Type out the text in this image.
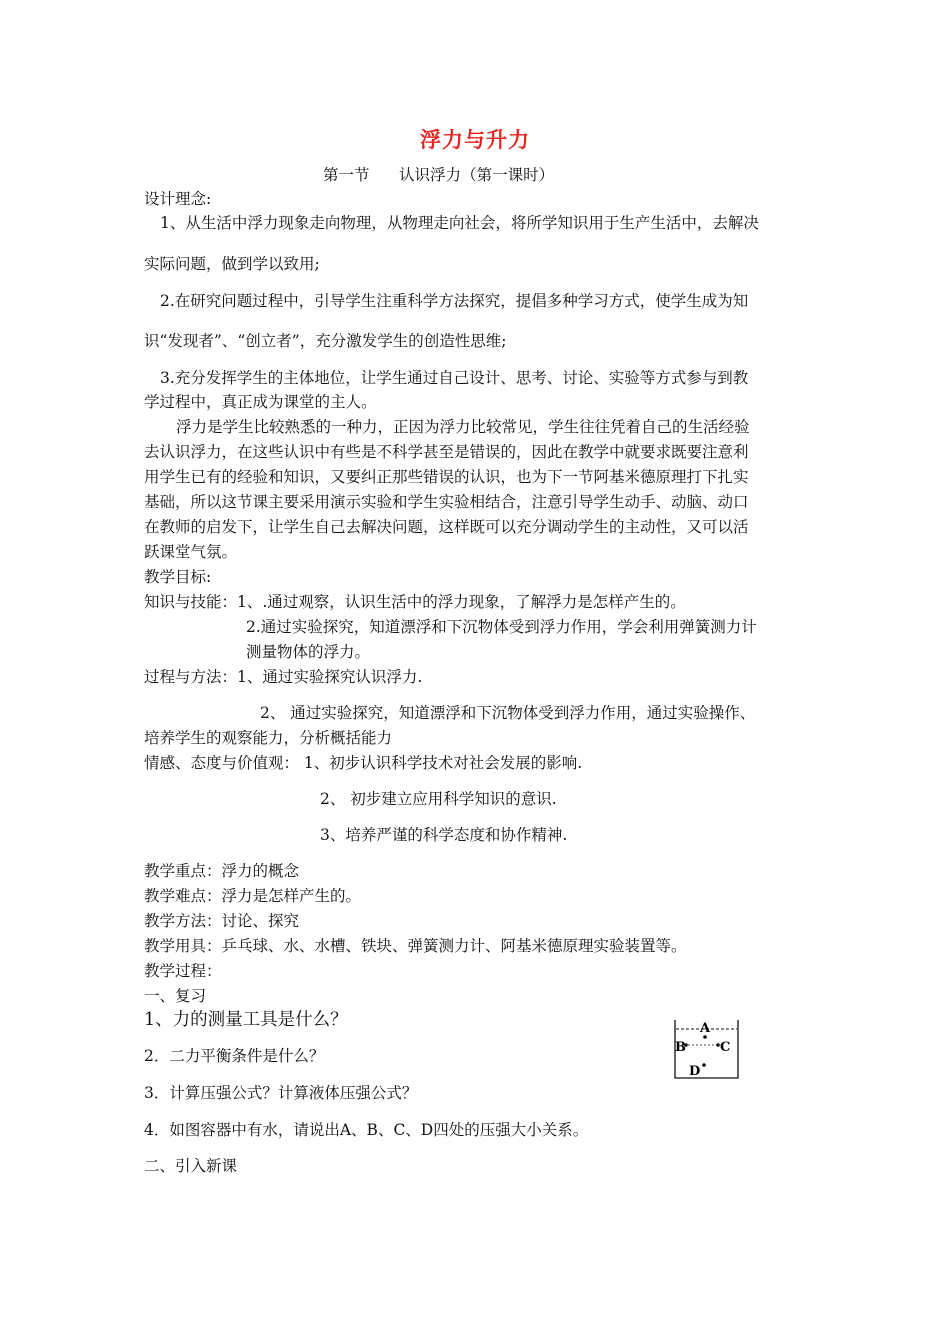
浮力与升力
第一节      认识浮力（第一课时）
设计理念:
1、从生活中浮力现象走向物理，从物理走向社会，将所学知识用于生产生活中，去解决
实际问题，做到学以致用;
2.在研究问题过程中，引导学生注重科学方法探究，提倡多种学习方式，使学生成为知
识“发现者”、“创立者”，充分激发学生的创造性思维;
3.充分发挥学生的主体地位，让学生通过自己设计、思考、讨论、实验等方式参与到教
学过程中，真正成为课堂的主人。
浮力是学生比较熟悉的一种力，正因为浮力比较常见，学生往往凭着自己的生活经验
去认识浮力，在这些认识中有些是不科学甚至是错误的，因此在教学中就要求既要注意利
用学生已有的经验和知识，又要纠正那些错误的认识，也为下一节阿基米德原理打下扎实
基础，所以这节课主要采用演示实验和学生实验相结合，注意引导学生动手、动脑、动口
在教师的启发下，让学生自己去解决问题，这样既可以充分调动学生的主动性，又可以活
跃课堂气氛。
教学目标:
知识与技能：1、.通过观察，认识生活中的浮力现象，了解浮力是怎样产生的。
2.通过实验探究，知道漂浮和下沉物体受到浮力作用，学会利用弹簧测力计
测量物体的浮力。
过程与方法：1、通过实验探究认识浮力.
2、 通过实验探究，知道漂浮和下沉物体受到浮力作用，通过实验操作、
培养学生的观察能力，分析概括能力
情感、态度与价值观： 1、初步认识科学技术对社会发展的影响.
2、 初步建立应用科学知识的意识.
3、培养严谨的科学态度和协作精神.
教学重点：浮力的概念
教学难点：浮力是怎样产生的。
教学方法：讨论、探究
教学用具：乒乓球、水、水槽、铁块、弹簧测力计、阿基米德原理实验装置等。
教学过程：
一、复习
1、力的测量工具是什么？
2．二力平衡条件是什么？
3．计算压强公式？计算液体压强公式？
4．如图容器中有水，请说出A、B、C、D四处的压强大小关系。
二、引入新课
A
B	C
D
